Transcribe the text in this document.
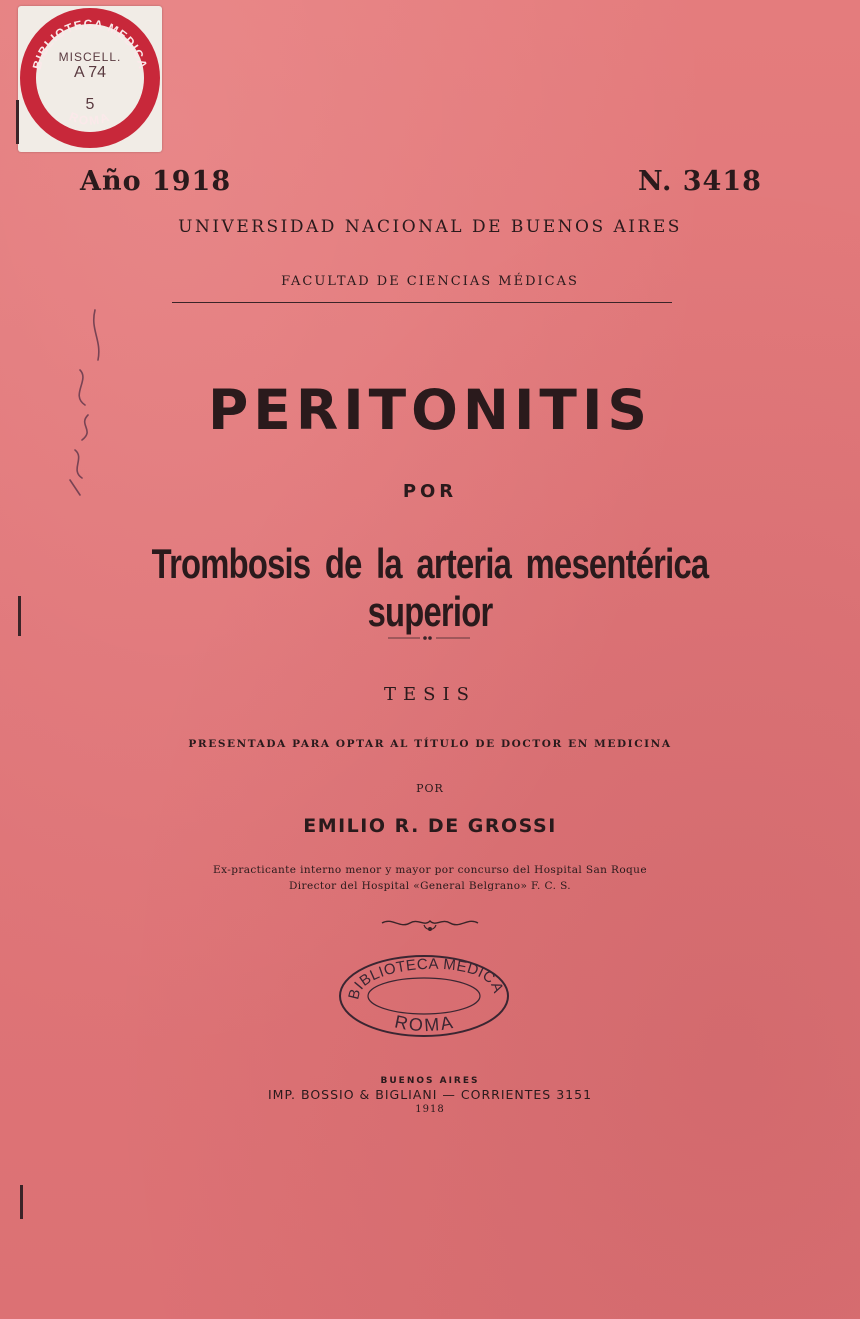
BIBLIOTECA MEDICA
ROMA
MISCELL.
A 74
5
Año 1918	N. 3418
UNIVERSIDAD NACIONAL DE BUENOS AIRES
FACULTAD DE CIENCIAS MÉDICAS
PERITONITIS
POR
Trombosis de la arteria mesentérica superior
TESIS
PRESENTADA PARA OPTAR AL TÍTULO DE DOCTOR EN MEDICINA
POR
EMILIO R. DE GROSSI
Ex-practicante interno menor y mayor por concurso del Hospital San Roque
Director del Hospital «General Belgrano» F. C. S.
BIBLIOTECA MEDICA
ROMA
BUENOS AIRES
IMP. BOSSIO & BIGLIANI — CORRIENTES 3151
1918
